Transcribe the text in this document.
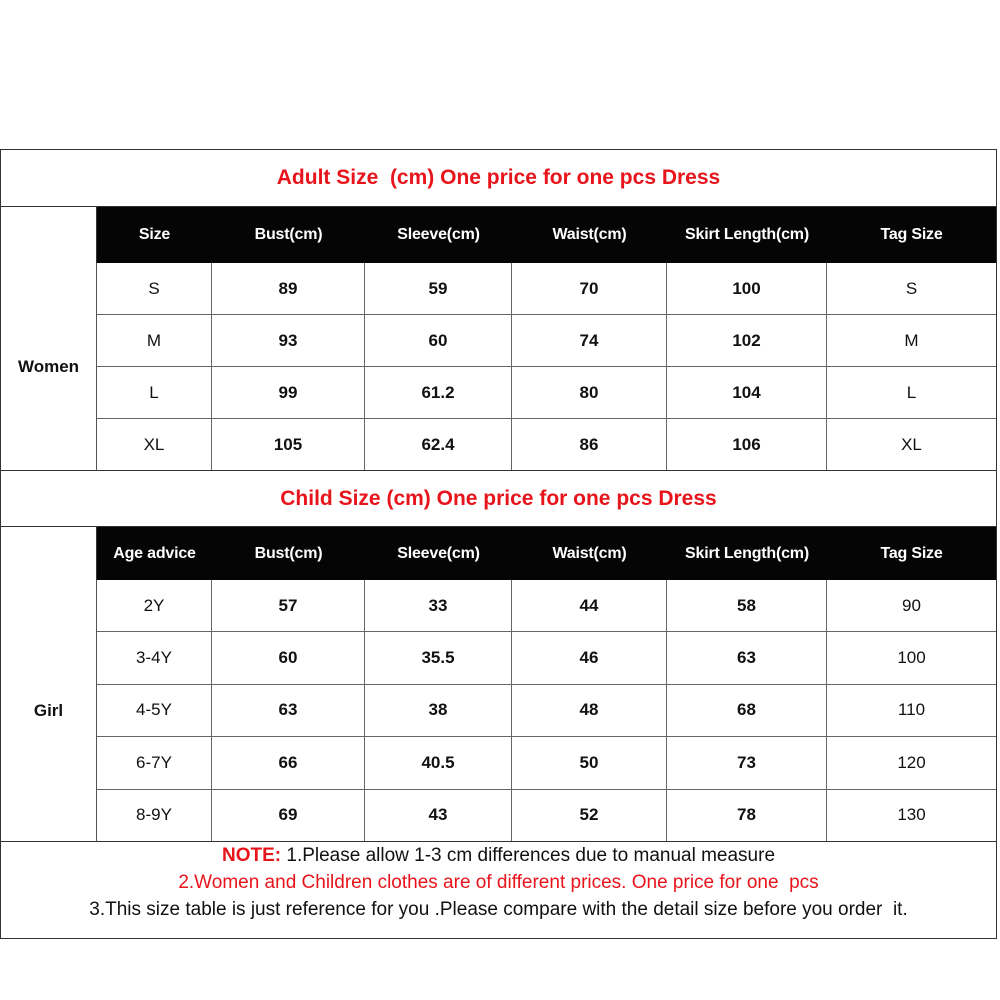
Adult Size  (cm) One price for one pcs Dress
Size	Bust(cm)	Sleeve(cm)	Waist(cm)	Skirt Length(cm)	Tag Size
Women
S	89	59	70	100	S
M	93	60	74	102	M
L	99	61.2	80	104	L
XL	105	62.4	86	106	XL
Child Size (cm) One price for one pcs Dress
Age advice	Bust(cm)	Sleeve(cm)	Waist(cm)	Skirt Length(cm)	Tag Size
Girl
2Y	57	33	44	58	90
3-4Y	60	35.5	46	63	100
4-5Y	63	38	48	68	110
6-7Y	66	40.5	50	73	120
8-9Y	69	43	52	78	130
NOTE: 1.Please allow 1-3 cm differences due to manual measure
2.Women and Children clothes are of different prices. One price for one  pcs
3.This size table is just reference for you .Please compare with the detail size before you order  it.
